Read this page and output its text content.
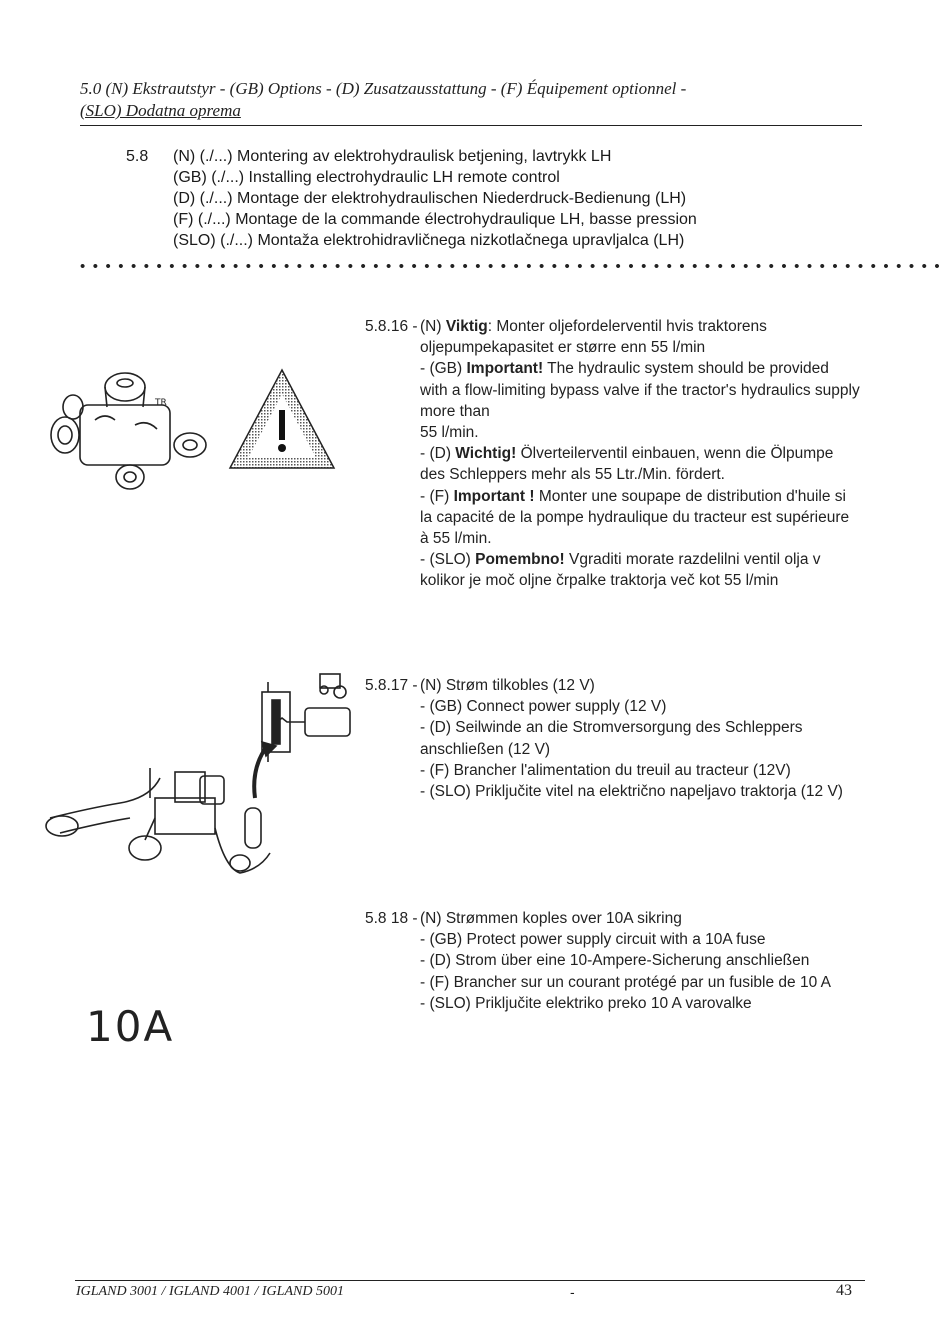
5.0 (N) Ekstrautstyr - (GB) Options - (D) Zusatzausstattung - (F) Équipement optionnel -
(SLO) Dodatna oprema
5.8 (N) (./...) Montering av elektrohydraulisk betjening, lavtrykk LH
(GB) (./...) Installing electrohydraulic LH remote control
(D) (./...) Montage der elektrohydraulischen Niederdruck-Bedienung (LH)
(F) (./...) Montage de la commande électrohydraulique LH, basse pression
(SLO) (./...) Montaža elektrohidravličnega nizkotlačnega upravljalca (LH)
••••••••••••••••••••••••••••••••••••••••••••••••••••••••••••••••••••
TR
5.8.16 - (N) Viktig: Monter oljefordelerventil hvis traktorens oljepumpekapasitet er større enn 55 l/min
- (GB) Important! The hydraulic system should be provided with a flow-limiting bypass valve if the tractor's hydraulics supply more than
55 l/min.
- (D) Wichtig! Ölverteilerventil einbauen, wenn die Ölpumpe des Schleppers mehr als 55 Ltr./Min. fördert.
- (F) Important ! Monter une soupape de distribution d'huile si la capacité de la pompe hydraulique du tracteur est supérieure à 55 l/min.
- (SLO) Pomembno! Vgraditi morate razdelilni ventil olja v kolikor je moč oljne črpalke traktorja več kot 55 l/min
5.8.17 - (N) Strøm tilkobles (12 V)
- (GB) Connect power supply (12 V)
- (D) Seilwinde an die Stromversorgung des Schleppers anschließen (12 V)
- (F) Brancher l'alimentation du treuil au tracteur (12V)
- (SLO) Priključite vitel na električno napeljavo traktorja (12 V)
10A
5.8 18 - (N) Strømmen koples over 10A sikring
- (GB) Protect power supply circuit with a 10A fuse
- (D) Strom über eine 10-Ampere-Sicherung anschließen
- (F) Brancher sur un courant protégé par un fusible de 10 A
- (SLO) Priključite elektriko preko 10 A varovalke
IGLAND 3001 / IGLAND 4001 / IGLAND 5001	-	43
